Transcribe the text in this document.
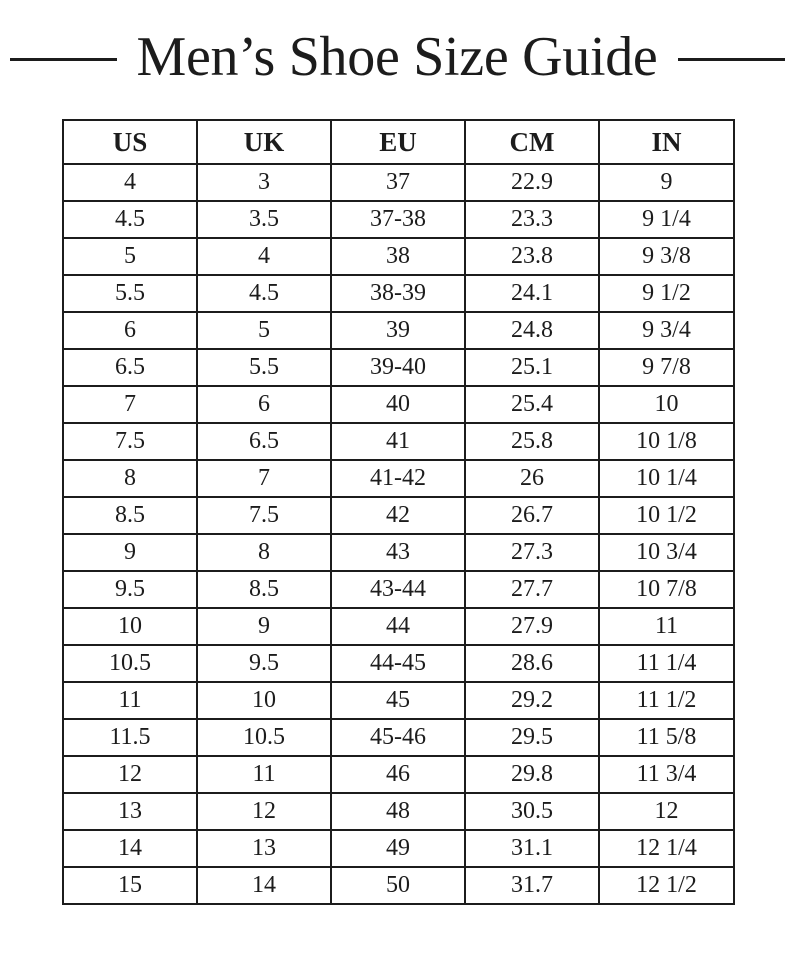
Men’s Shoe Size Guide
US	UK	EU	CM	IN
4	3	37	22.9	9
4.5	3.5	37-38	23.3	9 1/4
5	4	38	23.8	9 3/8
5.5	4.5	38-39	24.1	9 1/2
6	5	39	24.8	9 3/4
6.5	5.5	39-40	25.1	9 7/8
7	6	40	25.4	10
7.5	6.5	41	25.8	10 1/8
8	7	41-42	26	10 1/4
8.5	7.5	42	26.7	10 1/2
9	8	43	27.3	10 3/4
9.5	8.5	43-44	27.7	10 7/8
10	9	44	27.9	11
10.5	9.5	44-45	28.6	11 1/4
11	10	45	29.2	11 1/2
11.5	10.5	45-46	29.5	11 5/8
12	11	46	29.8	11 3/4
13	12	48	30.5	12
14	13	49	31.1	12 1/4
15	14	50	31.7	12 1/2
